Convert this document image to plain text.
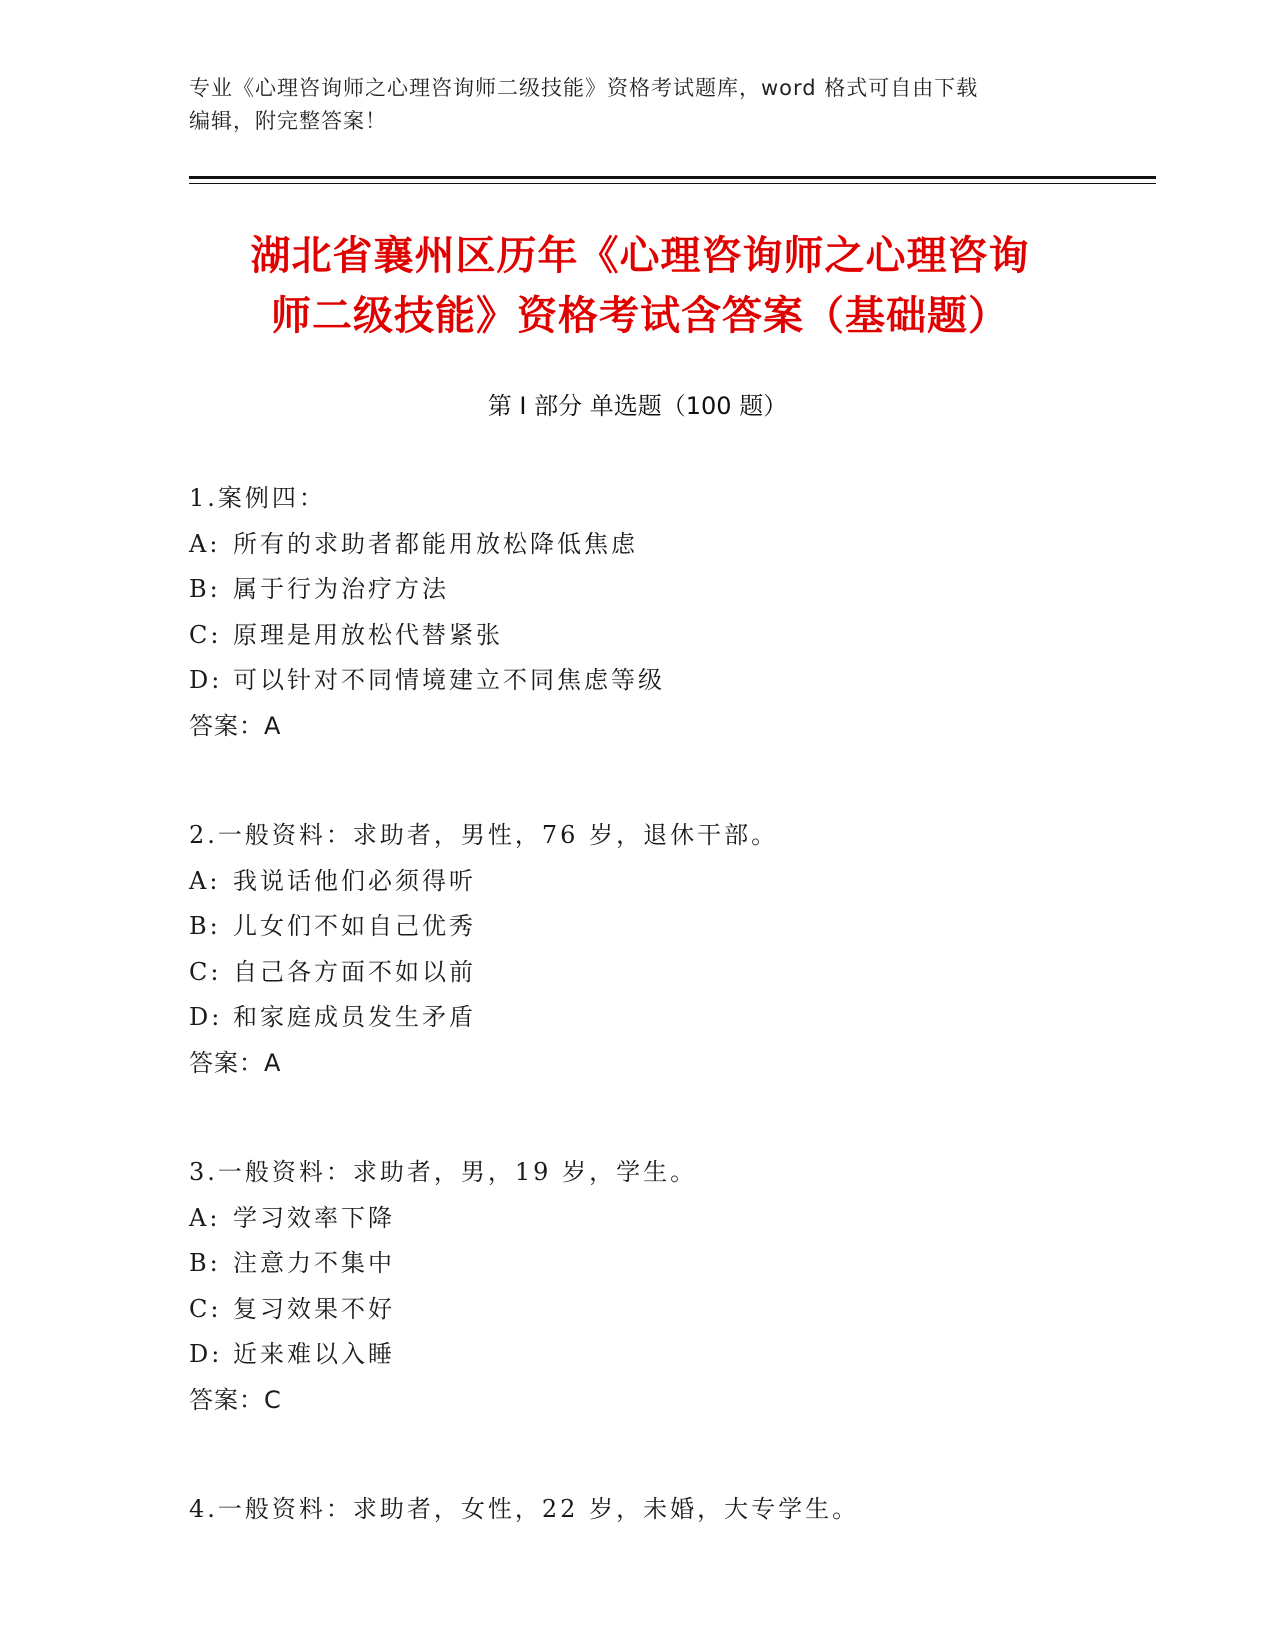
专业《心理咨询师之心理咨询师二级技能》资格考试题库，word 格式可自由下载
编辑，附完整答案！
湖北省襄州区历年《心理咨询师之心理咨询
师二级技能》资格考试含答案（基础题）
第 I 部分 单选题（100 题）
1.案例四：
A: 所有的求助者都能用放松降低焦虑
B: 属于行为治疗方法
C: 原理是用放松代替紧张
D: 可以针对不同情境建立不同焦虑等级
答案：A
2.一般资料：求助者，男性，76 岁，退休干部。
A: 我说话他们必须得听
B: 儿女们不如自己优秀
C: 自己各方面不如以前
D: 和家庭成员发生矛盾
答案：A
3.一般资料：求助者，男，19 岁，学生。
A: 学习效率下降
B: 注意力不集中
C: 复习效果不好
D: 近来难以入睡
答案：C
4.一般资料：求助者，女性，22 岁，未婚，大专学生。
